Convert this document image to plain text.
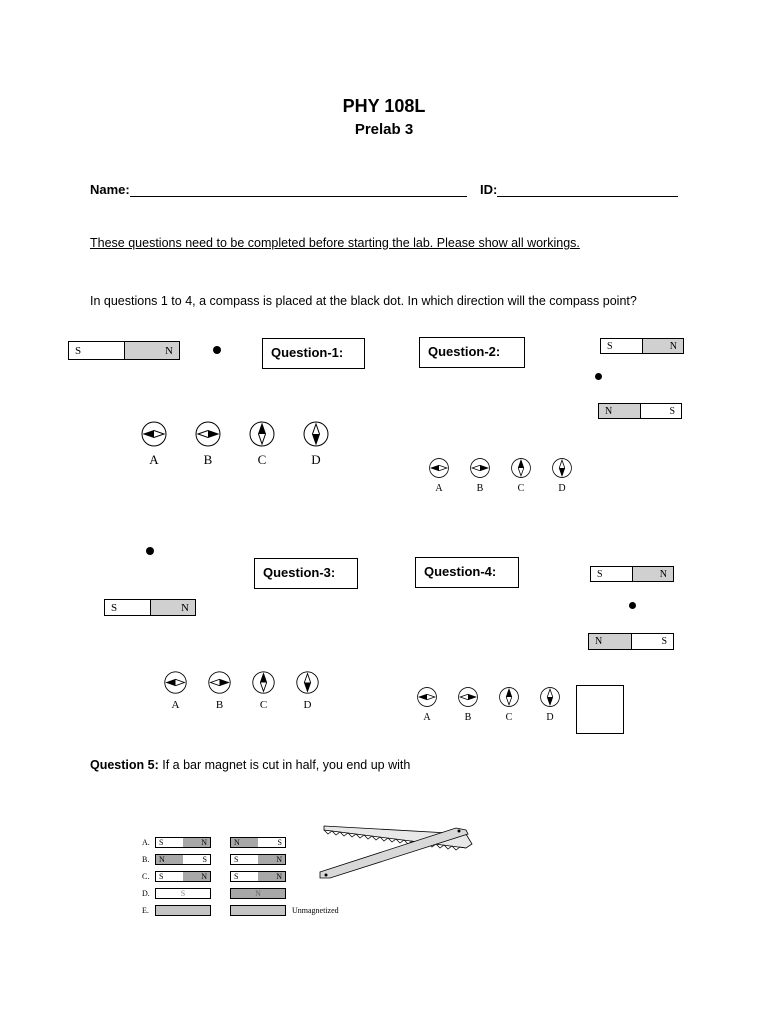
PHY 108L
Prelab 3
Name:	ID:
These questions need to be completed before starting the lab. Please show all workings.
In questions 1 to 4, a compass is placed at the black dot. In which direction will the compass point?
S	N	Question-1:
A	B	C	D
Question-2:	S	N
N	S
A	B	C	D
Question-3:
S	N
A	B	C	D
Question-4:	S	N
N	S
A	B	C	D
Question 5: If a bar magnet is cut in half, you end up with
A.	S	N	N	S
B.	N	S	S	N
C.	S	N	S	N
D.	S	N
E.	Unmagnetized
